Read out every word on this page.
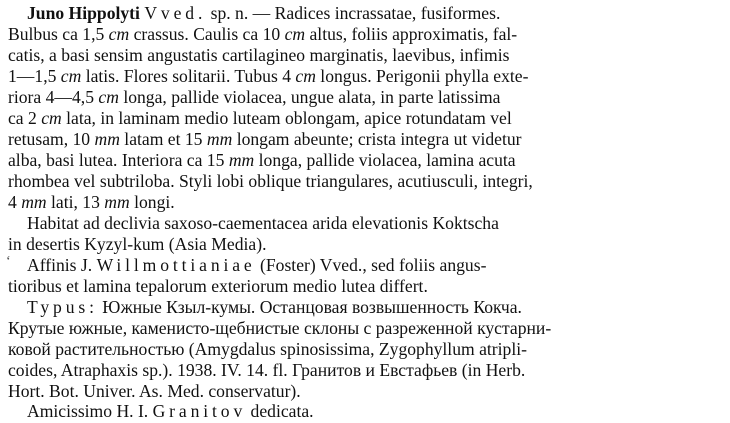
Juno Hippolyti Vved. sp. n. — Radices incrassatae, fusiformes.
Bulbus ca 1,5 cm crassus. Caulis ca 10 cm altus, foliis approximatis, fal-
catis, a basi sensim angustatis cartilagineo marginatis, laevibus, infimis
1—1,5 cm latis. Flores solitarii. Tubus 4 cm longus. Perigonii phylla exte-
riora 4—4,5 cm longa, pallide violacea, ungue alata, in parte latissima
ca 2 cm lata, in laminam medio luteam oblongam, apice rotundatam vel
retusam, 10 mm latam et 15 mm longam abeunte; crista integra ut videtur
alba, basi lutea. Interiora ca 15 mm longa, pallide violacea, lamina acuta
rhombea vel subtriloba. Styli lobi oblique triangulares, acutiusculi, integri,
4 mm lati, 13 mm longi.
Habitat ad declivia saxoso-caementacea arida elevationis Koktscha
in desertis Kyzyl-kum (Asia Media).
‘ Affinis J. Willmottianiae (Foster) Vved., sed foliis angus-
tioribus et lamina tepalorum exteriorum medio lutea differt.
Typus: Южные Кзыл-кумы. Останцовая возвышенность Кокча.
Крутые южные, каменисто-щебнистые склоны с разреженной кустарни-
ковой растительностью (Amygdalus spinosissima, Zygophyllum atripli-
coides, Atraphaxis sp.). 1938. IV. 14. fl. Гранитов и Евстафьев (in Herb.
Hort. Bot. Univer. As. Med. conservatur).
Amicissimo H. I. Granitov dedicata.
